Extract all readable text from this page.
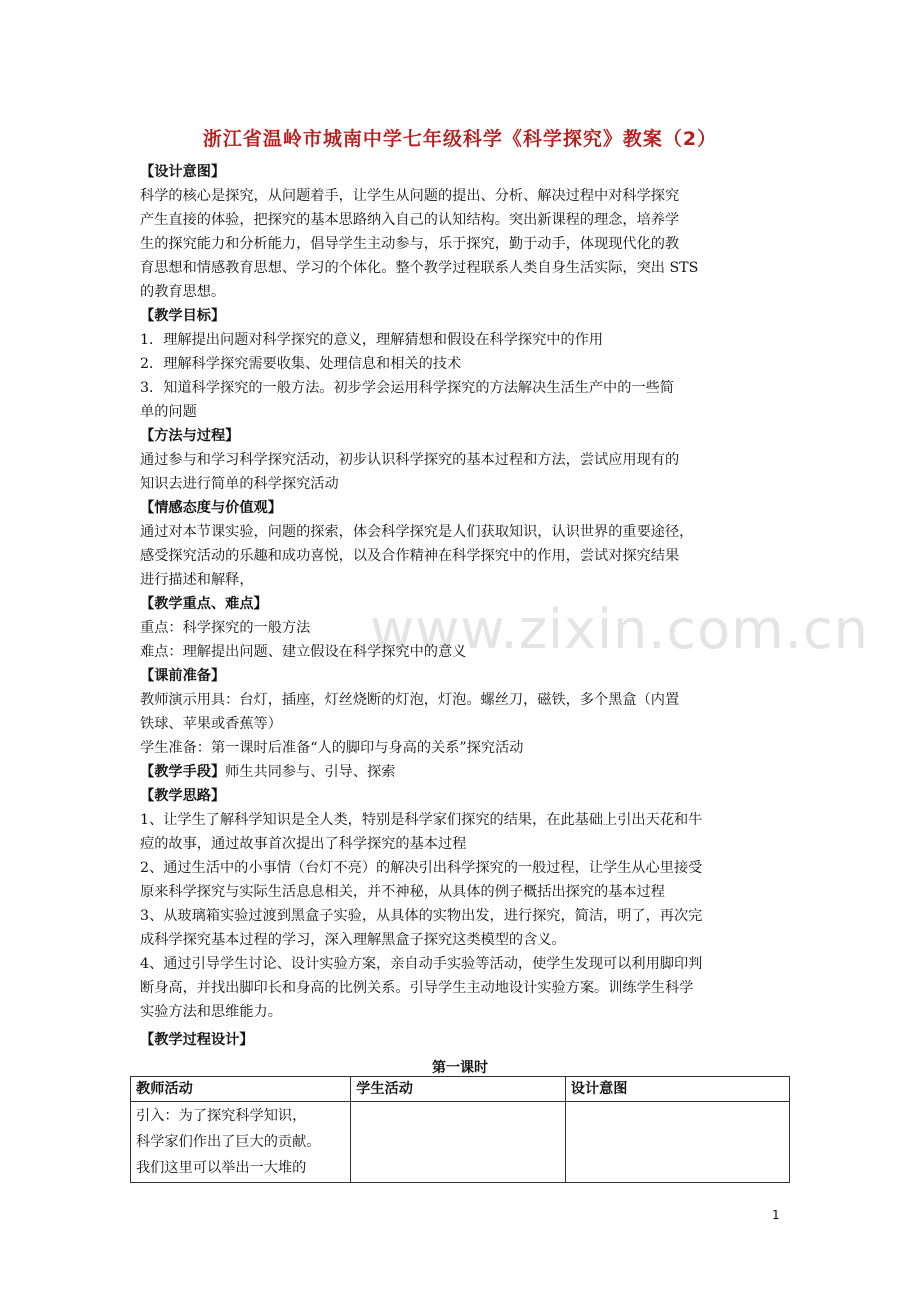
www.zixin.com.cn
浙江省温岭市城南中学七年级科学《科学探究》教案（2）
【设计意图】
科学的核心是探究，从问题着手，让学生从问题的提出、分析、解决过程中对科学探究
产生直接的体验，把探究的基本思路纳入自己的认知结构。突出新课程的理念，培养学
生的探究能力和分析能力，倡导学生主动参与，乐于探究，勤于动手，体现现代化的教
育思想和情感教育思想、学习的个体化。整个教学过程联系人类自身生活实际，突出 STS
的教育思想。
【教学目标】
1．理解提出问题对科学探究的意义，理解猜想和假设在科学探究中的作用
2．理解科学探究需要收集、处理信息和相关的技术
3．知道科学探究的一般方法。初步学会运用科学探究的方法解决生活生产中的一些简
单的问题
【方法与过程】
通过参与和学习科学探究活动，初步认识科学探究的基本过程和方法，尝试应用现有的
知识去进行简单的科学探究活动
【情感态度与价值观】
通过对本节课实验，问题的探索，体会科学探究是人们获取知识，认识世界的重要途径，
感受探究活动的乐趣和成功喜悦，以及合作精神在科学探究中的作用，尝试对探究结果
进行描述和解释，
【教学重点、难点】
重点：科学探究的一般方法
难点：理解提出问题、建立假设在科学探究中的意义
【课前准备】
教师演示用具：台灯，插座，灯丝烧断的灯泡，灯泡。螺丝刀，磁铁，多个黑盒（内置
铁球、苹果或香蕉等）
学生准备：第一课时后准备“人的脚印与身高的关系”探究活动
【教学手段】师生共同参与、引导、探索
【教学思路】
1、让学生了解科学知识是全人类，特别是科学家们探究的结果，在此基础上引出天花和牛
痘的故事，通过故事首次提出了科学探究的基本过程
2、通过生活中的小事情（台灯不亮）的解决引出科学探究的一般过程，让学生从心里接受
原来科学探究与实际生活息息相关，并不神秘，从具体的例子概括出探究的基本过程
3、从玻璃箱实验过渡到黑盒子实验，从具体的实物出发，进行探究，简洁，明了，再次完
成科学探究基本过程的学习，深入理解黑盒子探究这类模型的含义。
4、通过引导学生讨论、设计实验方案，亲自动手实验等活动，使学生发现可以利用脚印判
断身高，并找出脚印长和身高的比例关系。引导学生主动地设计实验方案。训练学生科学
实验方法和思维能力。
【教学过程设计】
第一课时
教师活动	学生活动	设计意图

引入：为了探究科学知识，
科学家们作出了巨大的贡献。
我们这里可以举出一大堆的		

1
